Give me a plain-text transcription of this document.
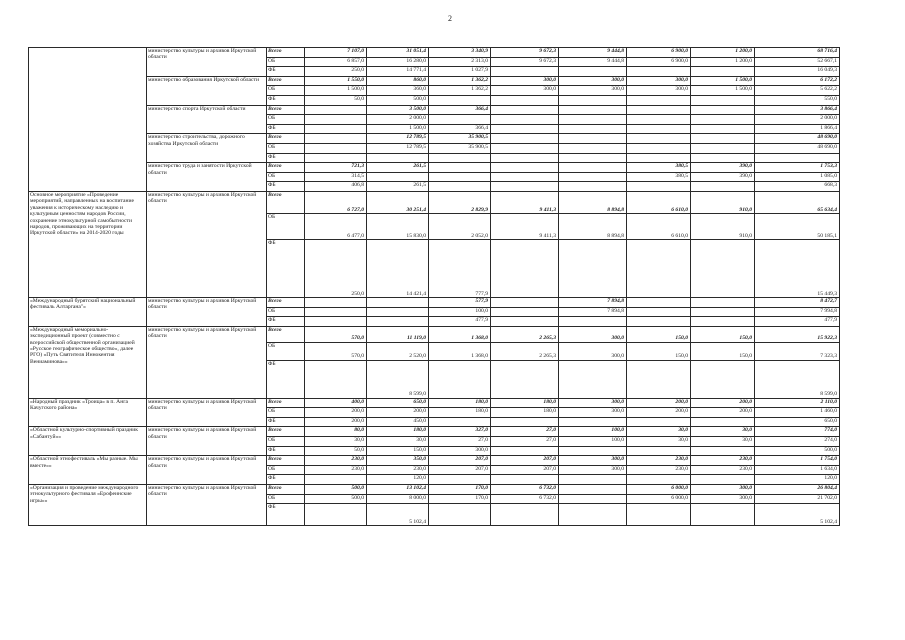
2
	министерство культуры и архивов Иркутской области	Всего	7 107,0	31 051,4	3 340,9	9 672,3	9 444,8	6 900,0	1 200,0	68 716,4
		ОБ	6 857,0	16 280,0	2 313,0	9 672,3	9 444,8	6 900,0	1 200,0	52 667,1
		ФБ	250,0	14 771,4	1 027,9					16 049,3
	министерство образования Иркутской области	Всего	1 550,0	860,0	1 362,2	300,0	300,0	300,0	1 500,0	6 172,2
		ОБ	1 500,0	360,0	1 362,2	300,0	300,0	300,0	1 500,0	5 622,2
		ФБ	50,0	500,0						550,0
	министерство спорта Иркутской области	Всего		3 500,0	366,4					3 866,4
		ОБ		2 000,0						2 000,0
		ФБ		1 500,0	366,4					1 866,4
	министерство строительства, дорожного хозяйства Иркутской области	Всего		12 789,5	35 900,5					48 690,0
		ОБ		12 789,5	35 900,5					48 690,0
		ФБ								
	министерство труда и занятости Иркутской области	Всего	721,3	261,5				380,5	390,0	1 753,3
		ОБ	314,5					380,5	390,0	1 085,0
		ФБ	406,8	261,5						668,3
Основное мероприятие «Проведение мероприятий, направленных на воспитание уважения к историческому наследию и культурным ценностям народов России, сохранение этнокультурной самобытности народов, проживающих на территории Иркутской области» на 2014-2020 годы	министерство культуры и архивов Иркутской области	Всего	6 727,0	30 251,4	2 829,9	9 411,3	8 894,8	6 610,0	910,0	65 634,4
		ОБ	6 477,0	15 830,0	2 052,0	9 411,3	8 894,8	6 610,0	910,0	50 185,1
		ФБ	250,0	14 421,4	777,9					15 449,3
«Международный бурятский национальный фестиваль Алтаргана"»	министерство культуры и архивов Иркутской области	Всего			577,9		7 894,8			8 472,7
		ОБ			100,0		7 894,8			7 994,8
		ФБ			477,9					477,9
«Международный мемориально-экспедиционный проект (совместно с всероссийской общественной организацией «Русское географическое общество», далее РГО) «Путь Святителя Иннокентия Вениаминова»»	министерство культуры и архивов Иркутской области	Всего	570,0	11 119,0	1 368,0	2 265,3	300,0	150,0	150,0	15 922,3
		ОБ	570,0	2 520,0	1 368,0	2 265,3	300,0	150,0	150,0	7 323,3
		ФБ		8 599,0						8 599,0
«Народный праздник «Троица» в п. Анга Качугского района»	министерство культуры и архивов Иркутской области	Всего	400,0	650,0	180,0	180,0	300,0	200,0	200,0	2 110,0
		ОБ	200,0	200,0	180,0	180,0	300,0	200,0	200,0	1 460,0
		ФБ	200,0	450,0						650,0
«Областной культурно-спортивный праздник «Сабантуй»»	министерство культуры и архивов Иркутской области	Всего	80,0	180,0	327,0	27,0	100,0	30,0	30,0	774,0
		ОБ	30,0	30,0	27,0	27,0	100,0	30,0	30,0	274,0
		ФБ	50,0	150,0	300,0					500,0
«Областной этнофестиваль «Мы разные. Мы вместе»»	министерство культуры и архивов Иркутской области	Всего	230,0	350,0	207,0	207,0	300,0	230,0	230,0	1 754,0
		ОБ	230,0	230,0	207,0	207,0	300,0	230,0	230,0	1 634,0
		ФБ		120,0						120,0
«Организация и проведение международного этнокультурного фестиваля «Ерофеинские игры»»	министерство культуры и архивов Иркутской области	Всего	500,0	13 102,4	170,0	6 732,0		6 000,0	300,0	26 804,4
		ОБ	500,0	8 000,0	170,0	6 732,0		6 000,0	300,0	21 702,0
		ФБ		5 102,4						5 102,4
